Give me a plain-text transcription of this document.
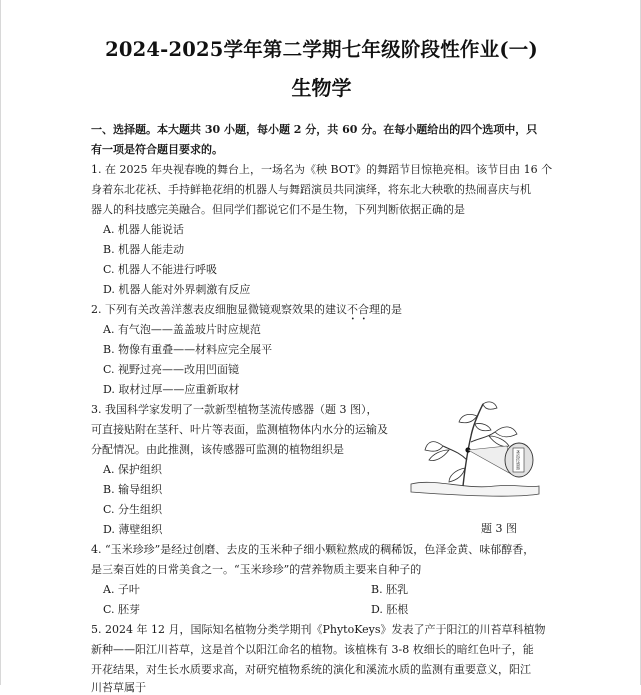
2024-2025学年第二学期七年级阶段性作业(一)
生物学
一、选择题。本大题共 30 小题，每小题 2 分，共 60 分。在每小题给出的四个选项中，只
有一项是符合题目要求的。
1. 在 2025 年央视春晚的舞台上，一场名为《秧 BOT》的舞蹈节目惊艳亮相。该节目由 16 个
身着东北花袄、手持鲜艳花绢的机器人与舞蹈演员共同演绎，将东北大秧歌的热闹喜庆与机
器人的科技感完美融合。但同学们都说它们不是生物，下列判断依据正确的是
A. 机器人能说话
B. 机器人能走动
C. 机器人不能进行呼吸
D. 机器人能对外界刺激有反应
2. 下列有关改善洋葱表皮细胞显微镜观察效果的建议不合理的是
A. 有气泡——盖盖玻片时应规范
B. 物像有重叠——材料应完全展平
C. 视野过亮——改用凹面镜
D. 取材过厚——应重新取材
3. 我国科学家发明了一款新型植物茎流传感器（题 3 图），
可直接贴附在茎秆、叶片等表面，监测植物体内水分的运输及
分配情况。由此推测，该传感器可监测的植物组织是
A. 保护组织
B. 输导组织
C. 分生组织
D. 薄壁组织
茎流传感器
题 3 图
4. “玉米珍珍”是经过创磨、去皮的玉米种子细小颗粒熬成的稠稀饭，色泽金黄、味郁醇香，
是三秦百姓的日常美食之一。“玉米珍珍”的营养物质主要来自种子的
A. 子叶	B. 胚乳
C. 胚芽	D. 胚根
5. 2024 年 12 月，国际知名植物分类学期刊《PhytoKeys》发表了产于阳江的川苔草科植物
新种——阳江川苔草，这是首个以阳江命名的植物。该植株有 3-8 枚细长的暗红色叶子，能
开花结果，对生长水质要求高，对研究植物系统的演化和溪流水质的监测有重要意义，阳江
川苔草属于
